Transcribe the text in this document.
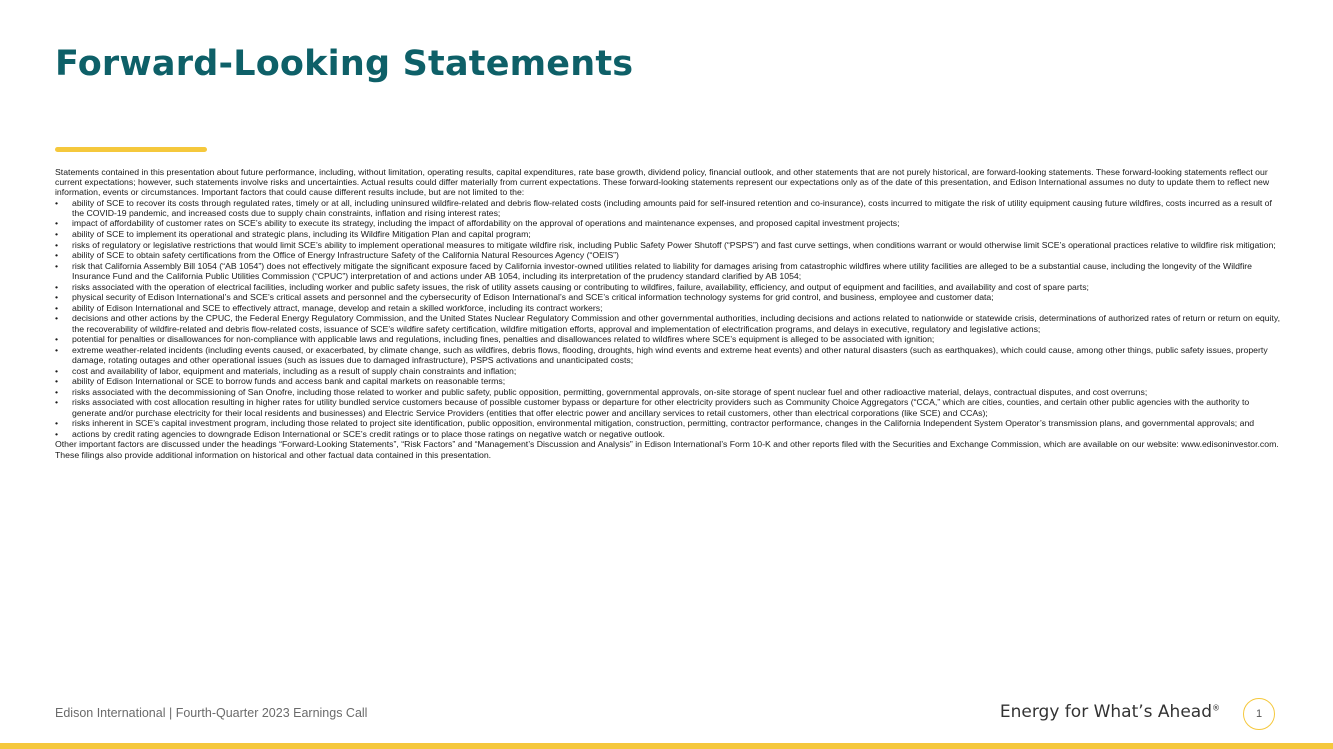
Forward-Looking Statements

Statements contained in this presentation about future performance, including, without limitation, operating results, capital expenditures, rate base growth, dividend policy, financial outlook, and other statements that are not purely historical, are forward-looking statements. These forward-looking statements reflect our current expectations; however, such statements involve risks and uncertainties. Actual results could differ materially from current expectations. These forward-looking statements represent our expectations only as of the date of this presentation, and Edison International assumes no duty to update them to reflect new information, events or circumstances. Important factors that could cause different results include, but are not limited to the:

• ability of SCE to recover its costs through regulated rates, timely or at all, including uninsured wildfire-related and debris flow-related costs (including amounts paid for self-insured retention and co-insurance), costs incurred to mitigate the risk of utility equipment causing future wildfires, costs incurred as a result of the COVID-19 pandemic, and increased costs due to supply chain constraints, inflation and rising interest rates;
• impact of affordability of customer rates on SCE’s ability to execute its strategy, including the impact of affordability on the approval of operations and maintenance expenses, and proposed capital investment projects;
• ability of SCE to implement its operational and strategic plans, including its Wildfire Mitigation Plan and capital program;
• risks of regulatory or legislative restrictions that would limit SCE’s ability to implement operational measures to mitigate wildfire risk, including Public Safety Power Shutoff (“PSPS”) and fast curve settings, when conditions warrant or would otherwise limit SCE’s operational practices relative to wildfire risk mitigation;
• ability of SCE to obtain safety certifications from the Office of Energy Infrastructure Safety of the California Natural Resources Agency (“OEIS”)
• risk that California Assembly Bill 1054 (“AB 1054”) does not effectively mitigate the significant exposure faced by California investor-owned utilities related to liability for damages arising from catastrophic wildfires where utility facilities are alleged to be a substantial cause, including the longevity of the Wildfire Insurance Fund and the California Public Utilities Commission (“CPUC”) interpretation of and actions under AB 1054, including its interpretation of the prudency standard clarified by AB 1054;
• risks associated with the operation of electrical facilities, including worker and public safety issues, the risk of utility assets causing or contributing to wildfires, failure, availability, efficiency, and output of equipment and facilities, and availability and cost of spare parts;
• physical security of Edison International’s and SCE’s critical assets and personnel and the cybersecurity of Edison International’s and SCE’s critical information technology systems for grid control, and business, employee and customer data;
• ability of Edison International and SCE to effectively attract, manage, develop and retain a skilled workforce, including its contract workers;
• decisions and other actions by the CPUC, the Federal Energy Regulatory Commission, and the United States Nuclear Regulatory Commission and other governmental authorities, including decisions and actions related to nationwide or statewide crisis, determinations of authorized rates of return or return on equity, the recoverability of wildfire-related and debris flow-related costs, issuance of SCE’s wildfire safety certification, wildfire mitigation efforts, approval and implementation of electrification programs, and delays in executive, regulatory and legislative actions;
• potential for penalties or disallowances for non-compliance with applicable laws and regulations, including fines, penalties and disallowances related to wildfires where SCE’s equipment is alleged to be associated with ignition;
• extreme weather-related incidents (including events caused, or exacerbated, by climate change, such as wildfires, debris flows, flooding, droughts, high wind events and extreme heat events) and other natural disasters (such as earthquakes), which could cause, among other things, public safety issues, property damage, rotating outages and other operational issues (such as issues due to damaged infrastructure), PSPS activations and unanticipated costs;
• cost and availability of labor, equipment and materials, including as a result of supply chain constraints and inflation;
• ability of Edison International or SCE to borrow funds and access bank and capital markets on reasonable terms;
• risks associated with the decommissioning of San Onofre, including those related to worker and public safety, public opposition, permitting, governmental approvals, on-site storage of spent nuclear fuel and other radioactive material, delays, contractual disputes, and cost overruns;
• risks associated with cost allocation resulting in higher rates for utility bundled service customers because of possible customer bypass or departure for other electricity providers such as Community Choice Aggregators (“CCA,” which are cities, counties, and certain other public agencies with the authority to generate and/or purchase electricity for their local residents and businesses) and Electric Service Providers (entities that offer electric power and ancillary services to retail customers, other than electrical corporations (like SCE) and CCAs);
• risks inherent in SCE’s capital investment program, including those related to project site identification, public opposition, environmental mitigation, construction, permitting, contractor performance, changes in the California Independent System Operator’s transmission plans, and governmental approvals; and
• actions by credit rating agencies to downgrade Edison International or SCE’s credit ratings or to place those ratings on negative watch or negative outlook.

Other important factors are discussed under the headings “Forward-Looking Statements”, “Risk Factors” and “Management’s Discussion and Analysis” in Edison International’s Form 10-K and other reports filed with the Securities and Exchange Commission, which are available on our website: www.edisoninvestor.com. These filings also provide additional information on historical and other factual data contained in this presentation.

Edison International | Fourth-Quarter 2023 Earnings Call	Energy for What’s Ahead®
1
